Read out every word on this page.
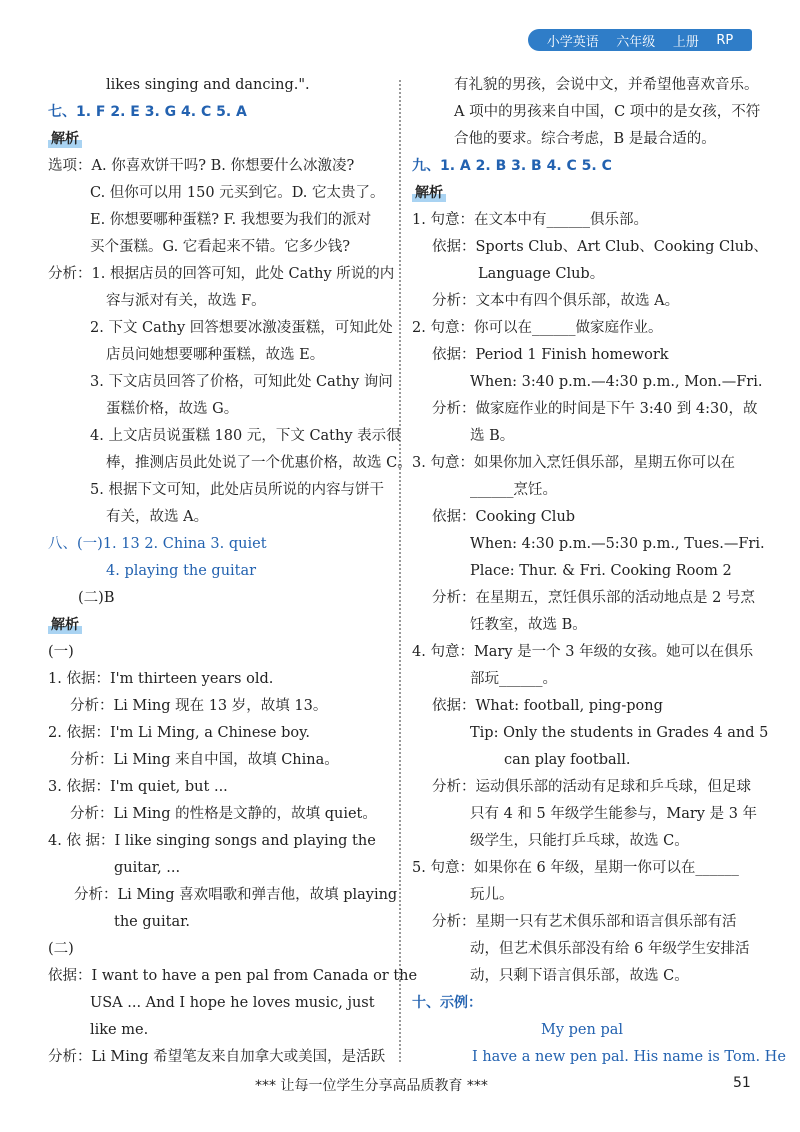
小学英语 六年级 上册 RP
likes singing and dancing.".
七、1. F 2. E 3. G 4. C 5. A
解析
选项：A. 你喜欢饼干吗? B. 你想要什么冰激凌?
C. 但你可以用 150 元买到它。D. 它太贵了。
E. 你想要哪种蛋糕? F. 我想要为我们的派对
买个蛋糕。G. 它看起来不错。它多少钱?
分析：1. 根据店员的回答可知，此处 Cathy 所说的内
容与派对有关，故选 F。
2. 下文 Cathy 回答想要冰激凌蛋糕，可知此处
店员问她想要哪种蛋糕，故选 E。
3. 下文店员回答了价格，可知此处 Cathy 询问
蛋糕价格，故选 G。
4. 上文店员说蛋糕 180 元，下文 Cathy 表示很
棒，推测店员此处说了一个优惠价格，故选 C。
5. 根据下文可知，此处店员所说的内容与饼干
有关，故选 A。
八、(一)1. 13 2. China 3. quiet
4. playing the guitar
(二)B
解析
(一)
1. 依据：I'm thirteen years old.
分析：Li Ming 现在 13 岁，故填 13。
2. 依据：I'm Li Ming, a Chinese boy.
分析：Li Ming 来自中国，故填 China。
3. 依据：I'm quiet, but ...
分析：Li Ming 的性格是文静的，故填 quiet。
4. 依 据：I like singing songs and playing the
guitar, ...
分析：Li Ming 喜欢唱歌和弹吉他，故填 playing
the guitar.
(二)
依据：I want to have a pen pal from Canada or the
USA ... And I hope he loves music, just
like me.
分析：Li Ming 希望笔友来自加拿大或美国，是活跃
有礼貌的男孩，会说中文，并希望他喜欢音乐。
A 项中的男孩来自中国，C 项中的是女孩，不符
合他的要求。综合考虑，B 是最合适的。
九、1. A 2. B 3. B 4. C 5. C
解析
1. 句意：在文本中有______俱乐部。
依据：Sports Club、Art Club、Cooking Club、
Language Club。
分析：文本中有四个俱乐部，故选 A。
2. 句意：你可以在______做家庭作业。
依据：Period 1 Finish homework
When: 3:40 p.m.—4:30 p.m., Mon.—Fri.
分析：做家庭作业的时间是下午 3:40 到 4:30，故
选 B。
3. 句意：如果你加入烹饪俱乐部，星期五你可以在
______烹饪。
依据：Cooking Club
When: 4:30 p.m.—5:30 p.m., Tues.—Fri.
Place: Thur. & Fri. Cooking Room 2
分析：在星期五，烹饪俱乐部的活动地点是 2 号烹
饪教室，故选 B。
4. 句意：Mary 是一个 3 年级的女孩。她可以在俱乐
部玩______。
依据：What: football, ping-pong
Tip: Only the students in Grades 4 and 5
can play football.
分析：运动俱乐部的活动有足球和乒乓球，但足球
只有 4 和 5 年级学生能参与，Mary 是 3 年
级学生，只能打乒乓球，故选 C。
5. 句意：如果你在 6 年级，星期一你可以在______
玩儿。
分析：星期一只有艺术俱乐部和语言俱乐部有活
动，但艺术俱乐部没有给 6 年级学生安排活
动，只剩下语言俱乐部，故选 C。
十、示例：
My pen pal
I have a new pen pal. His name is Tom. He
*** 让每一位学生分享高品质教育 ***	51
